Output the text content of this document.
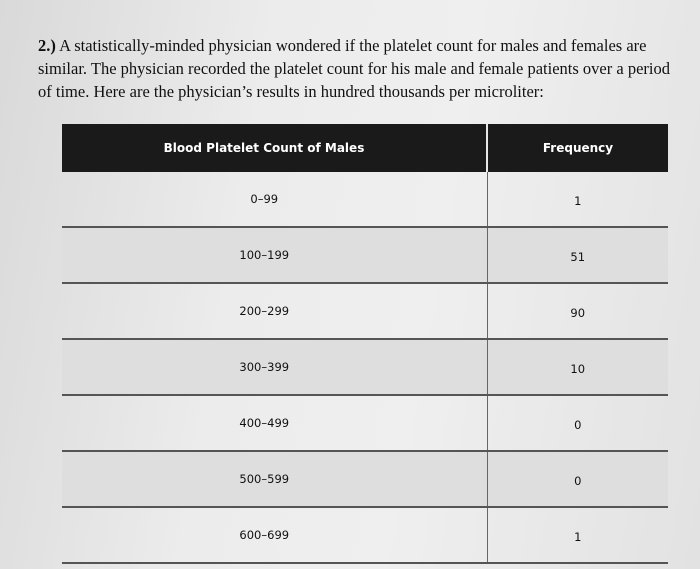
2.) A statistically-minded physician wondered if the platelet count for males and females are similar. The physician recorded the platelet count for his male and female patients over a period of time. Here are the physician’s results in hundred thousands per microliter:
Blood Platelet Count of Males	Frequency
0–99	1
100–199	51
200–299	90
300–399	10
400–499	0
500–599	0
600–699	1
